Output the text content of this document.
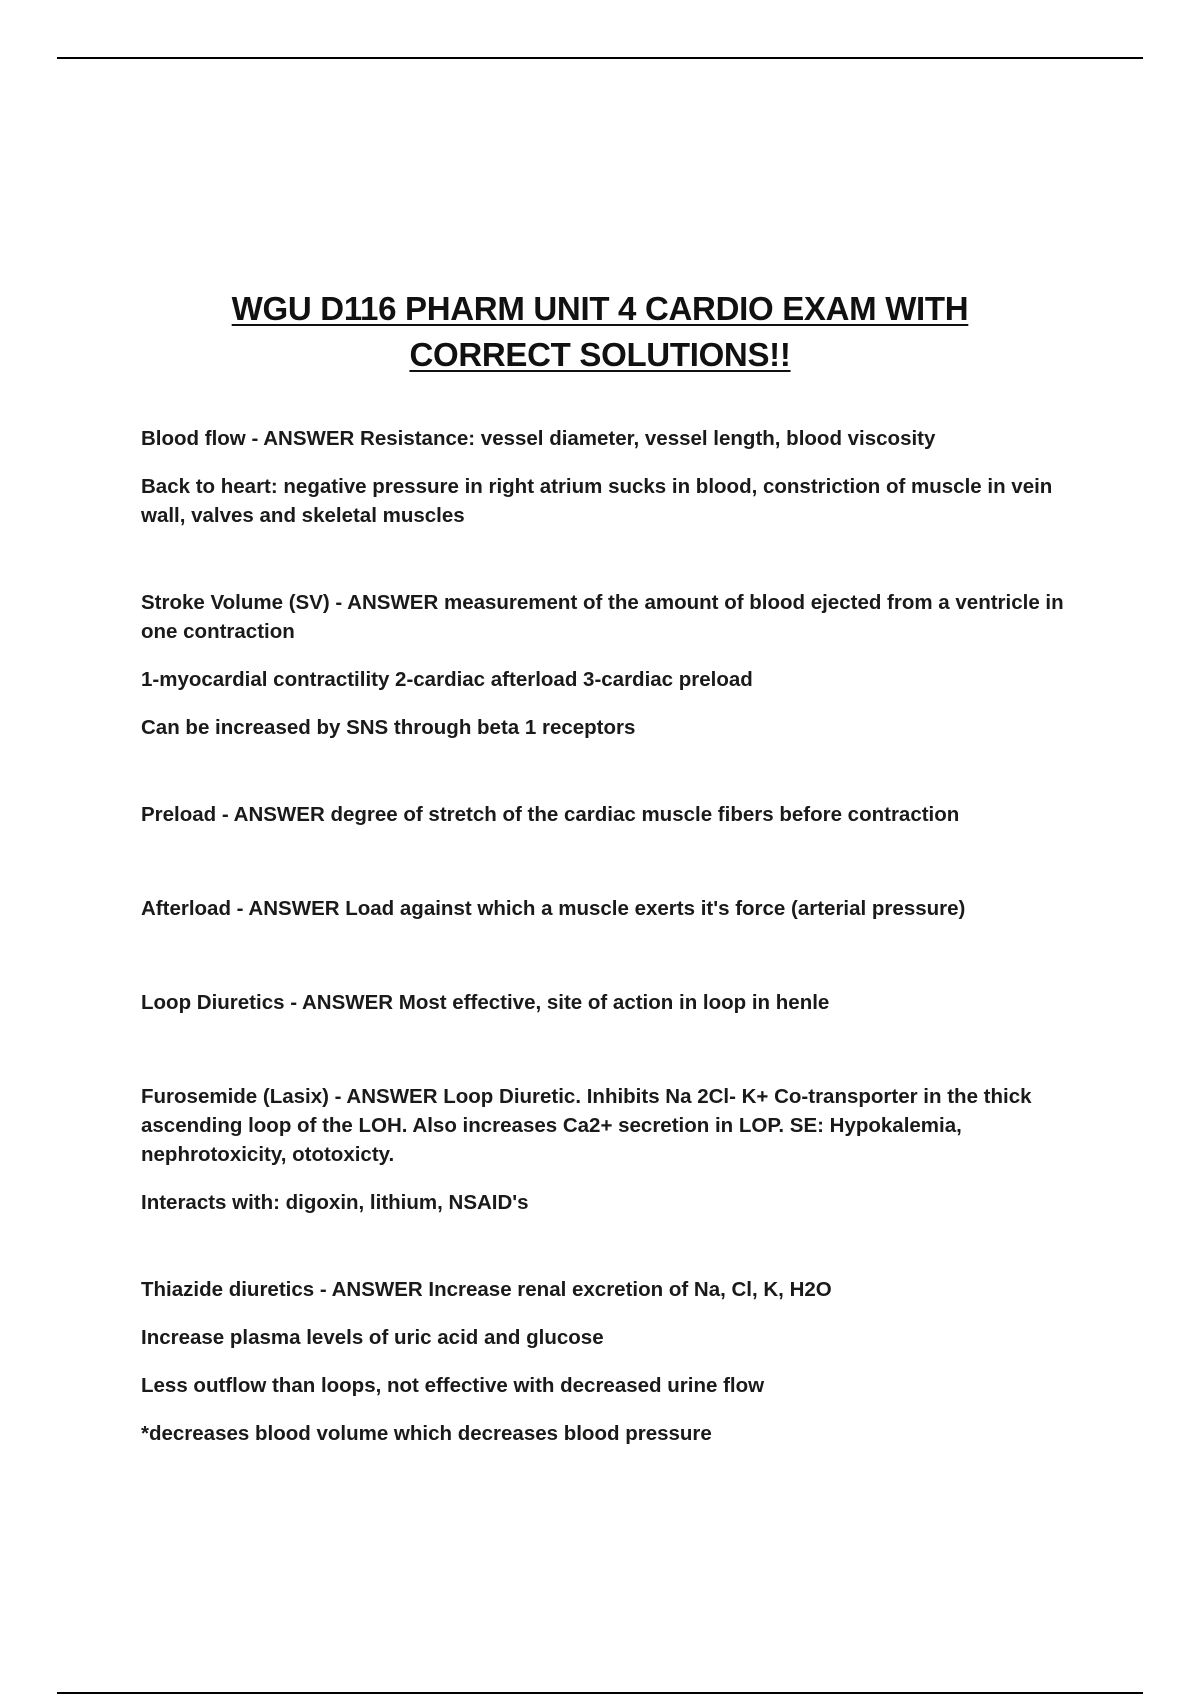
WGU D116 PHARM UNIT 4 CARDIO EXAM WITH
CORRECT SOLUTIONS!!

Blood flow - ANSWER Resistance: vessel diameter, vessel length, blood viscosity

Back to heart: negative pressure in right atrium sucks in blood, constriction of muscle in vein wall, valves and skeletal muscles

Stroke Volume (SV) - ANSWER measurement of the amount of blood ejected from a ventricle in one contraction

1-myocardial contractility 2-cardiac afterload 3-cardiac preload

Can be increased by SNS through beta 1 receptors

Preload - ANSWER degree of stretch of the cardiac muscle fibers before contraction

Afterload - ANSWER Load against which a muscle exerts it's force (arterial pressure)

Loop Diuretics - ANSWER Most effective, site of action in loop in henle

Furosemide (Lasix) - ANSWER Loop Diuretic. Inhibits Na 2Cl- K+ Co-transporter in the thick ascending loop of the LOH. Also increases Ca2+ secretion in LOP. SE: Hypokalemia, nephrotoxicity, ototoxicty.

Interacts with: digoxin, lithium, NSAID's

Thiazide diuretics - ANSWER Increase renal excretion of Na, Cl, K, H2O

Increase plasma levels of uric acid and glucose

Less outflow than loops, not effective with decreased urine flow

*decreases blood volume which decreases blood pressure
